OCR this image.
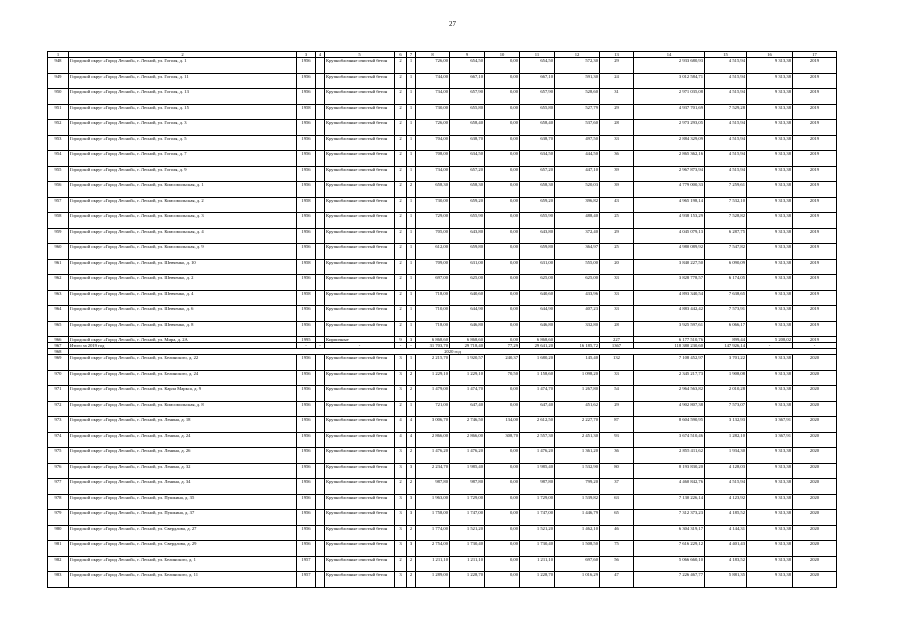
27
1	2	3	4	5	6	7	8	9	10	11	12	13	14	15	16	17
948	Городской округ «Город Лесной», г. Лесной, ул. Гоголя, д. 1	1956		Крупноблочные очистый бетон	2	1	726,00	654,50	0,00	654,50	572,30	29	2 933 680,93	4 515,94	9 313,38	2019
949	Городской округ «Город Лесной», г. Лесной, ул. Гоголя, д. 11	1956		Крупноблочные очистый бетон	2	1	744,00	667,10	0,00	667,10	591,30	24	3 012 584,71	4 515,94	9 313,38	2019
950	Городской округ «Город Лесной», г. Лесной, ул. Гоголя, д. 13	1956		Крупноблочные очистый бетон	2	1	734,00	657,90	0,00	657,90	528,60	31	2 971 035,08	4 515,94	9 313,38	2019
951	Городской округ «Город Лесной», г. Лесной, ул. Гоголя, д. 15	1958		Крупноблочные очистый бетон	2	1	730,00	655,80	0,00	655,80	527,79	29	4 937 701,69	7 529,28	9 313,38	2019
952	Городской округ «Город Лесной», г. Лесной, ул. Гоголя, д. 3	1956		Крупноблочные очистый бетон	2	1	726,00	658,40	0,00	658,40	537,60	28	2 973 293,05	4 515,94	9 313,38	2019
953	Городской округ «Город Лесной», г. Лесной, ул. Гоголя, д. 5	1956		Крупноблочные очистый бетон	2	1	704,00	638,70	0,00	638,70	497,50	33	2 884 329,09	4 515,94	9 313,38	2019
954	Городской округ «Город Лесной», г. Лесной, ул. Гоголя, д. 7	1956		Крупноблочные очистый бетон	2	1	708,00	634,50	0,00	634,50	444,50	36	2 865 362,16	4 515,94	9 313,38	2019
955	Городской округ «Город Лесной», г. Лесной, ул. Гоголя, д. 9	1956		Крупноблочные очистый бетон	2	1	734,00	657,20	0,00	657,20	447,10	39	2 967 873,94	4 515,94	9 313,38	2019
956	Городской округ «Город Лесной», г. Лесной, ул. Комсомольская, д. 1	1956		Крупноблочные очистый бетон	2	2	658,30	658,30	0,00	658,30	520,03	39	4 779 000,33	7 259,61	9 313,38	2019
957	Городской округ «Город Лесной», г. Лесной, ул. Комсомольская, д. 2	1958		Крупноблочные очистый бетон	2	1	730,00	659,20	0,00	659,20	396,82	43	4 965 198,14	7 532,10	9 313,38	2019
958	Городской округ «Город Лесной», г. Лесной, ул. Комсомольская, д. 3	1956		Крупноблочные очистый бетон	2	1	729,00	655,90	0,00	655,90	488,40	25	4 938 153,29	7 528,82	9 313,38	2019
959	Городской округ «Город Лесной», г. Лесной, ул. Комсомольская, д. 4	1956		Крупноблочные очистый бетон	2	1	705,00	643,80	0,00	643,80	372,40	29	4 045 079,13	6 287,75	9 313,38	2019
960	Городской округ «Город Лесной», г. Лесной, ул. Комсомольская, д. 9	1956		Крупноблочные очистый бетон	2	1	612,00	659,80	0,00	659,80	364,97	25	4 980 089,92	7 547,82	9 313,38	2019
961	Городской округ «Город Лесной», г. Лесной, ул. Шевченко, д. 10	1958		Крупноблочные очистый бетон	2	1	709,00	631,00	0,00	631,00	555,00	20	3 840 227,50	6 090,09	9 313,38	2019
962	Городской округ «Город Лесной», г. Лесной, ул. Шевченко, д. 2	1956		Крупноблочные очистый бетон	2	1	697,00	625,00	0,00	625,00	625,00	33	3 828 778,57	6 174,05	9 313,38	2019
963	Городской округ «Город Лесной», г. Лесной, ул. Шевченко, д. 4	1958		Крупноблочные очистый бетон	2	1	718,00	640,60	0,00	640,60	433,96	33	4 893 340,54	7 638,65	9 313,38	2019
964	Городской округ «Город Лесной», г. Лесной, ул. Шевченко, д. 6	1956		Крупноблочные очистый бетон	2	1	710,00	644,90	0,00	644,90	407,23	33	4 883 442,42	7 573,91	9 313,38	2019
965	Городской округ «Город Лесной», г. Лесной, ул. Шевченко, д. 8	1956		Крупноблочные очистый бетон	2	1	718,00	646,80	0,00	646,80	332,80	28	3 925 597,61	6 066,17	9 313,38	2019
966	Городской округ «Город Лесной», г. Лесной, ул. Мира, д. 2А	1995		Кирпичные	9	3	6 868,60	6 868,60	0,00	6 868,60		227	6 177 510,76	899,44	5 208,02	2019
967	Итого за 2019 год	-	-	-	-	-	31 703,70	29 718,40	77,29	29 641,20	16 185,72	1367	118 380 230,60	147 926,14	-	-
968	2020 год															
969	Городской округ «Город Лесной», г. Лесной, ул. Белинского, д. 22	1956		Крупноблочные очистый бетон	3	1	2 215,70	1 920,57	240,37	1 680,20	145,40	132	7 108 452,97	3 701,22	9 313,38	2020
970	Городской округ «Город Лесной», г. Лесной, ул. Белинского, д. 24	1956		Крупноблочные очистый бетон	3	2	1 229,10	1 229,10	70,50	1 158,60	1 098,20	33	2 345 217,73	1 908,08	9 313,38	2020
971	Городской округ «Город Лесной», г. Лесной, ул. Карла Маркса, д. 9	1956		Крупноблочные очистый бетон	3	2	1 479,00	1 474,70	0,00	1 474,70	1 267,80	54	2 964 563,82	2 010,28	9 313,38	2020
972	Городской округ «Город Лесной», г. Лесной, ул. Комсомольская, д. 8	1956		Крупноблочные очистый бетон	2	1	721,00	647,40	0,00	647,40	451,62	29	4 902 807,38	7 573,07	9 313,38	2020
973	Городской округ «Город Лесной», г. Лесной, ул. Ленина, д. 18	1956		Крупноблочные очистый бетон	4	4	3 006,70	2 746,50	134,00	2 612,50	2 227,70	87	8 604 590,95	3 132,93	3 367,91	2020
974	Городской округ «Город Лесной», г. Лесной, ул. Ленина, д. 24	1956		Крупноблочные очистый бетон	4	4	2 866,00	2 866,00	308,70	2 557,30	2 451,30	93	3 674 510,46	1 282,10	3 367,91	2020
975	Городской округ «Город Лесной», г. Лесной, ул. Ленина, д. 26	1956		Крупноблочные очистый бетон	3	2	1 476,20	1 476,20	0,00	1 476,20	1 361,20	36	2 855 411,62	1 934,30	9 313,38	2020
976	Городской округ «Город Лесной», г. Лесной, ул. Ленина, д. 32	1956		Крупноблочные очистый бетон	3	3	2 234,70	1 985,40	0,00	1 985,40	1 532,90	80	8 193 830,20	4 128,03	9 313,38	2020
977	Городской округ «Город Лесной», г. Лесной, ул. Ленина, д. 34	1956		Крупноблочные очистый бетон	2	2	987,80	987,80	0,00	987,80	799,20	37	4 460 842,76	4 515,94	9 313,38	2020
978	Городской округ «Город Лесной», г. Лесной, ул. Пушкина, д. 35	1956		Крупноблочные очистый бетон	3	3	1 963,00	1 729,00	0,00	1 729,00	1 539,82	63	7 130 226,14	4 123,92	9 313,38	2020
979	Городской округ «Город Лесной», г. Лесной, ул. Пушкина, д. 37	1956		Крупноблочные очистый бетон	3	3	1 758,00	1 747,00	0,00	1 747,00	1 446,79	65	7 312 373,23	4 185,52	9 313,38	2020
980	Городской округ «Город Лесной», г. Лесной, ул. Свердлова, д. 27	1956		Крупноблочные очистый бетон	3	2	1 774,00	1 521,20	0,00	1 521,20	1 462,10	46	6 304 319,17	4 144,31	9 313,38	2020
981	Городской округ «Город Лесной», г. Лесной, ул. Свердлова, д. 29	1956		Крупноблочные очистый бетон	3	3	2 754,00	1 730,40	0,00	1 730,40	1 508,50	75	7 616 229,12	4 401,43	9 313,38	2020
982	Городской округ «Город Лесной», г. Лесной, ул. Белинского, д. 1	1957		Крупноблочные очистый бетон	2	2	1 211,10	1 211,10	0,00	1 211,10	697,60	56	5 066 660,10	4 183,52	9 313,38	2020
983	Городской округ «Город Лесной», г. Лесной, ул. Белинского, д. 11	1957		Крупноблочные очистый бетон	3	2	1 289,00	1 228,70	0,00	1 228,70	1 016,29	47	7 226 467,77	5 881,35	9 313,38	2020
